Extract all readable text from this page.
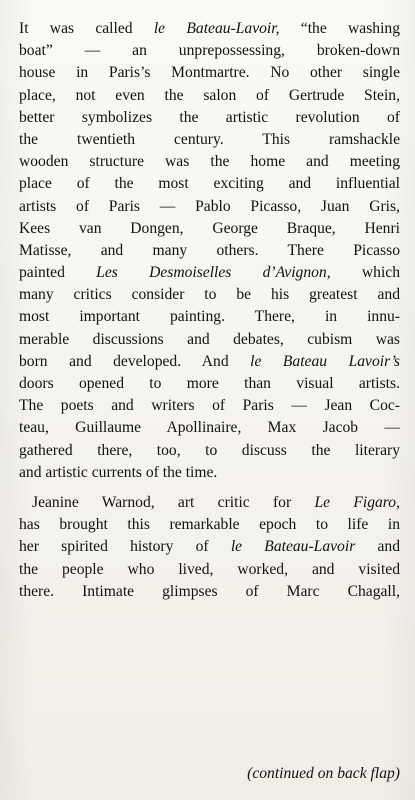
It was called le Bateau-Lavoir, “the washing
boat” — an unprepossessing, broken-down
house in Paris’s Montmartre. No other single
place, not even the salon of Gertrude Stein,
better symbolizes the artistic revolution of
the twentieth century. This ramshackle
wooden structure was the home and meeting
place of the most exciting and influential
artists of Paris — Pablo Picasso, Juan Gris,
Kees van Dongen, George Braque, Henri
Matisse, and many others. There Picasso
painted Les Desmoiselles d’Avignon, which
many critics consider to be his greatest and
most important painting. There, in innu-
merable discussions and debates, cubism was
born and developed. And le Bateau Lavoir’s
doors opened to more than visual artists.
The poets and writers of Paris — Jean Coc-
teau, Guillaume Apollinaire, Max Jacob —
gathered there, too, to discuss the literary
and artistic currents of the time.
Jeanine Warnod, art critic for Le Figaro,
has brought this remarkable epoch to life in
her spirited history of le Bateau-Lavoir and
the people who lived, worked, and visited
there. Intimate glimpses of Marc Chagall,
(continued on back flap)
